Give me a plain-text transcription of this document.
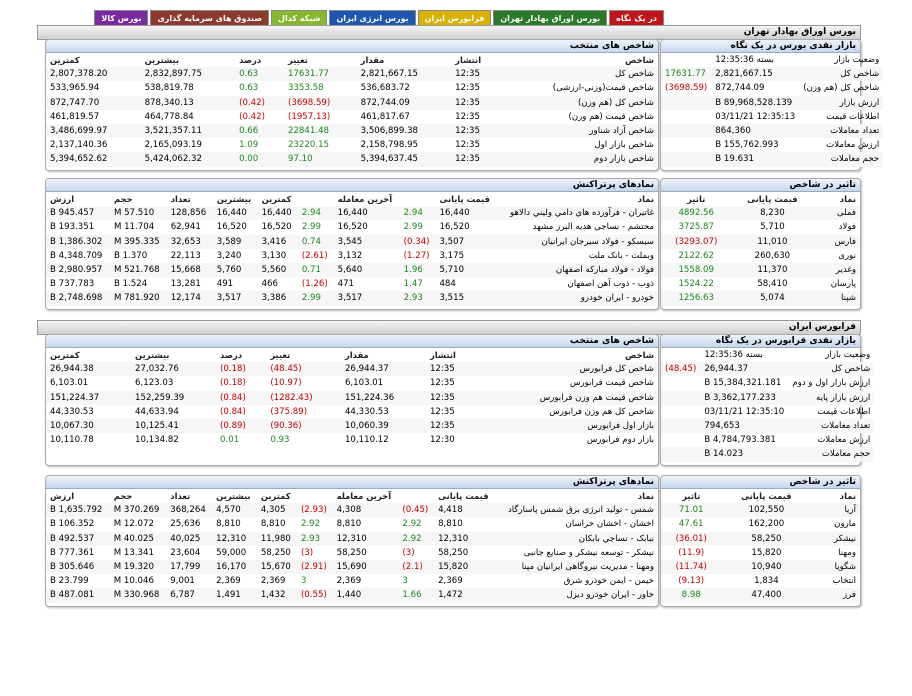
در یک نگاه
بورس اوراق بهادار تهران
فرابورس ایران
بورس انرژی ایران
شبکه کدال
صندوق های سرمایه گذاری
بورس کالا
بورس اوراق بهادار تهران
بازار نقدی بورس در یک نگاه
وضعیت بازار	بسته 12:35:36	
شاخص کل	2,821,667.15	17631.77
شاخص کل (هم وزن)	872,744.09	(3698.59)
ارزش بازار	89,968,528.139 B	
اطلاعات قیمت	12:35:13 03/11/21	
تعداد معاملات	864,360	
ارزش معاملات	155,762.993 B	
حجم معاملات	19.631 B	
شاخص های منتخب
شاخص	انتشار	مقدار	تغییر	درصد	بیشترین	کمترین
شاخص کل	12:35	2,821,667.15	17631.77	0.63	2,832,897.75	2,807,378.20
شاخص قیمت(وزنی-ارزشی)	12:35	536,683.72	3353.58	0.63	538,819.78	533,965.94
شاخص کل (هم وزن)	12:35	872,744.09	(3698.59)	(0.42)	878,340.13	872,747.70
شاخص قیمت (هم وزن)	12:35	461,817.67	(1957.13)	(0.42)	464,778.84	461,819.57
شاخص آزاد شناور	12:35	3,506,899.38	22841.48	0.66	3,521,357.11	3,486,699.97
شاخص بازار اول	12:35	2,158,798.95	23220.15	1.09	2,165,093.19	2,137,140.36
شاخص بازار دوم	12:35	5,394,637.45	97.10	0.00	5,424,062.32	5,394,652.62
تاثیر در شاخص
نماد	قیمت پایانی	تاثیر
فملی	8,230	4892.56
فولاد	5,710	3725.87
فارس	11,010	(3293.07)
نوری	260,630	2122.62
وغدیر	11,370	1558.09
پارسان	58,410	1524.22
شپنا	5,074	1256.63
نمادهای پرتراکنش
نماد	قیمت پایانی		آخرین معامله		کمترین	بیشترین	تعداد	حجم	ارزش
غاتیران - فرآورده هاي دامي وليني دالاهو	16,440	2.94	16,440	2.94	16,440	16,440	128,856	57.510 M	945.457 B
محتشم - نساجی هدیه البرز مشهد	16,520	2.99	16,520	2.99	16,520	16,520	62,941	11.704 M	193.351 B
سیسکو - فولاد سیرجان ایرانیان	3,507	(0.34)	3,545	0.74	3,416	3,589	32,653	395.335 M	1,386.302 B
وبملت - بانک ملت	3,175	(1.27)	3,132	(2.61)	3,130	3,240	22,113	1.370 B	4,348.709 B
فولاد - فولاد مبارکه اصفهان	5,710	1.96	5,640	0.71	5,560	5,760	15,668	521.768 M	2,980.957 B
ذوب - ذوب آهن اصفهان	484	1.47	471	(1.26)	466	491	13,281	1.524 B	737.783 B
خودرو - ایران خودرو	3,515	2.93	3,517	2.99	3,386	3,517	12,174	781.920 M	2,748.698 B
فرابورس ایران
بازار نقدی فرابورس در یک نگاه
وضعیت بازار	بسته 12:35:36	
شاخص کل	26,944.37	(48.45)
ارزش بازار اول و دوم	15,384,321.181 B	
ارزش بازار پایه	3,362,177.233 B	
اطلاعات قیمت	12:35:10 03/11/21	
تعداد معاملات	794,653	
ارزش معاملات	4,784,793.381 B	
حجم معاملات	14.023 B	
شاخص های منتخب
شاخص	انتشار	مقدار	تغییر	درصد	بیشترین	کمترین
شاخص کل فرابورس	12:35	26,944.37	(48.45)	(0.18)	27,032.76	26,944.38
شاخص قیمت فرابورس	12:35	6,103.01	(10.97)	(0.18)	6,123.03	6,103.01
شاخص قیمت هم وزن فرابورس	12:35	151,224.36	(1282.43)	(0.84)	152,259.39	151,224.37
شاخص کل هم وزن فرابورس	12:35	44,330.53	(375.89)	(0.84)	44,633.94	44,330.53
بازار اول فرابورس	12:35	10,060.39	(90.36)	(0.89)	10,125.41	10,067.30
بازار دوم فرابورس	12:30	10,110.12	0.93	0.01	10,134.82	10,110.78
تاثیر در شاخص
نماد	قیمت پایانی	تاثیر
آریا	102,550	71.01
مارون	162,200	47.61
نیشکر	58,250	(36.01)
ومهنا	15,820	(11.9)
شگویا	10,940	(11.74)
انتخاب	1,834	(9.13)
فرز	47,400	8.98
نمادهای پرتراکنش
نماد	قیمت پایانی		آخرین معامله		کمترین	بیشترین	تعداد	حجم	ارزش
شمس - تولید انرژی برق شمس پاسارگاد	4,418	(0.45)	4,308	(2.93)	4,305	4,570	368,264	370.269 M	1,635.792 B
اخشان - اخشان خراسان	8,810	2.92	8,810	2.92	8,810	8,810	25,636	12.072 M	106.352 B
نبابک - نساجي بابكان	12,310	2.92	12,310	2.93	11,980	12,310	40,025	40.025 M	492.537 B
نیشکر - توسعه نیشکر و صنایع جانبی	58,250	(3)	58,250	(3)	58,250	59,000	23,604	13.341 M	777.361 B
ومهنا - مدیریت نیروگاهی ایرانیان مپنا	15,820	(2.1)	15,690	(2.91)	15,670	16,170	17,799	19.320 M	305.646 B
خیمن - ایمن خودرو شرق	2,369	3	2,369	3	2,369	2,369	9,001	10.046 M	23.799 B
خاور - ایران خودرو دیزل	1,472	1.66	1,440	(0.55)	1,432	1,491	6,787	330.968 M	487.081 B
